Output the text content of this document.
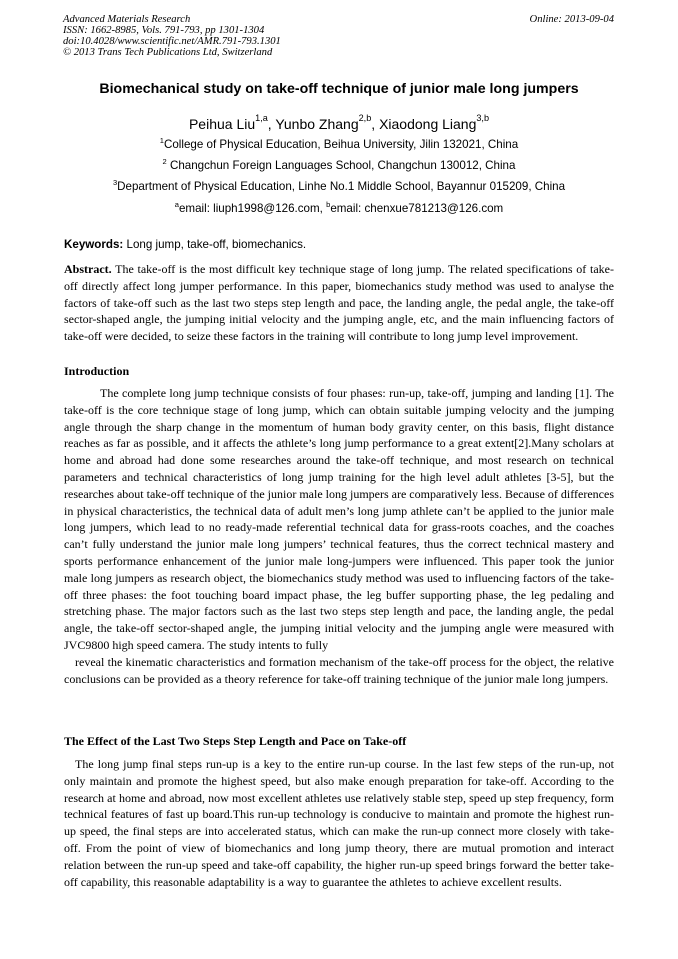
Advanced Materials Research
ISSN: 1662-8985, Vols. 791-793, pp 1301-1304
doi:10.4028/www.scientific.net/AMR.791-793.1301
© 2013 Trans Tech Publications Ltd, Switzerland
Online: 2013-09-04
Biomechanical study on take-off technique of junior male long jumpers
Peihua Liu$^{1,a}$, Yunbo Zhang$^{2,b}$, Xiaodong Liang$^{3,b}$
$^1$College of Physical Education, Beihua University, Jilin 132021, China
$^2$ Changchun Foreign Languages School, Changchun 130012, China
$^3$Department of Physical Education, Linhe No.1 Middle School, Bayannur 015209, China
$^a$email: liuph1998@126.com, $^b$email: chenxue781213@126.com
Keywords: Long jump, take-off, biomechanics.

Abstract. The take-off is the most difficult key technique stage of long jump. The related specifications of take-off directly affect long jumper performance. In this paper, biomechanics study method was used to analyse the factors of take-off such as the last two steps step length and pace, the landing angle, the pedal angle, the take-off sector-shaped angle, the jumping initial velocity and the jumping angle, etc, and the main influencing factors of take-off were decided, to seize these factors in the training will contribute to long jump level improvement.

Introduction

The complete long jump technique consists of four phases: run-up, take-off, jumping and landing [1]. The take-off is the core technique stage of long jump, which can obtain suitable jumping velocity and the jumping angle through the sharp change in the momentum of human body gravity center, on this basis, flight distance reaches as far as possible, and it affects the athlete’s long jump performance to a great extent[2].Many scholars at home and abroad had done some researches around the take-off technique, and most research on technical parameters and technical characteristics of long jump training for the high level adult athletes [3-5], but the researches about take-off technique of the junior male long jumpers are comparatively less. Because of differences in physical characteristics, the technical data of adult men’s long jump athlete can’t be applied to the junior male long jumpers, which lead to no ready-made referential technical data for grass-roots coaches, and the coaches can’t fully understand the junior male long jumpers’ technical features, thus the correct technical mastery and sports performance enhancement of the junior male long-jumpers were influenced. This paper took the junior male long jumpers as research object, the biomechanics study method was used to influencing factors of the take-off three phases: the foot touching board impact phase, the leg buffer supporting phase, the leg pedaling and stretching phase. The major factors such as the last two steps step length and pace, the landing angle, the pedal angle, the take-off sector-shaped angle, the jumping initial velocity and the jumping angle were measured with JVC9800 high speed camera. The study intents to fully

reveal the kinematic characteristics and formation mechanism of the take-off process for the object, the relative conclusions can be provided as a theory reference for take-off training technique of the junior male long jumpers.

The Effect of the Last Two Steps Step Length and Pace on Take-off

The long jump final steps run-up is a key to the entire run-up course. In the last few steps of the run-up, not only maintain and promote the highest speed, but also make enough preparation for take-off. According to the research at home and abroad, now most excellent athletes use relatively stable step, speed up step frequency, form technical features of fast up board.This run-up technology is conducive to maintain and promote the highest run-up speed, the final steps are into accelerated status, which can make the run-up connect more closely with take-off. From the point of view of biomechanics and long jump theory, there are mutual promotion and interact relation between the run-up speed and take-off capability, the higher run-up speed brings forward the better take-off capability, this reasonable adaptability is a way to guarantee the athletes to achieve excellent results.
